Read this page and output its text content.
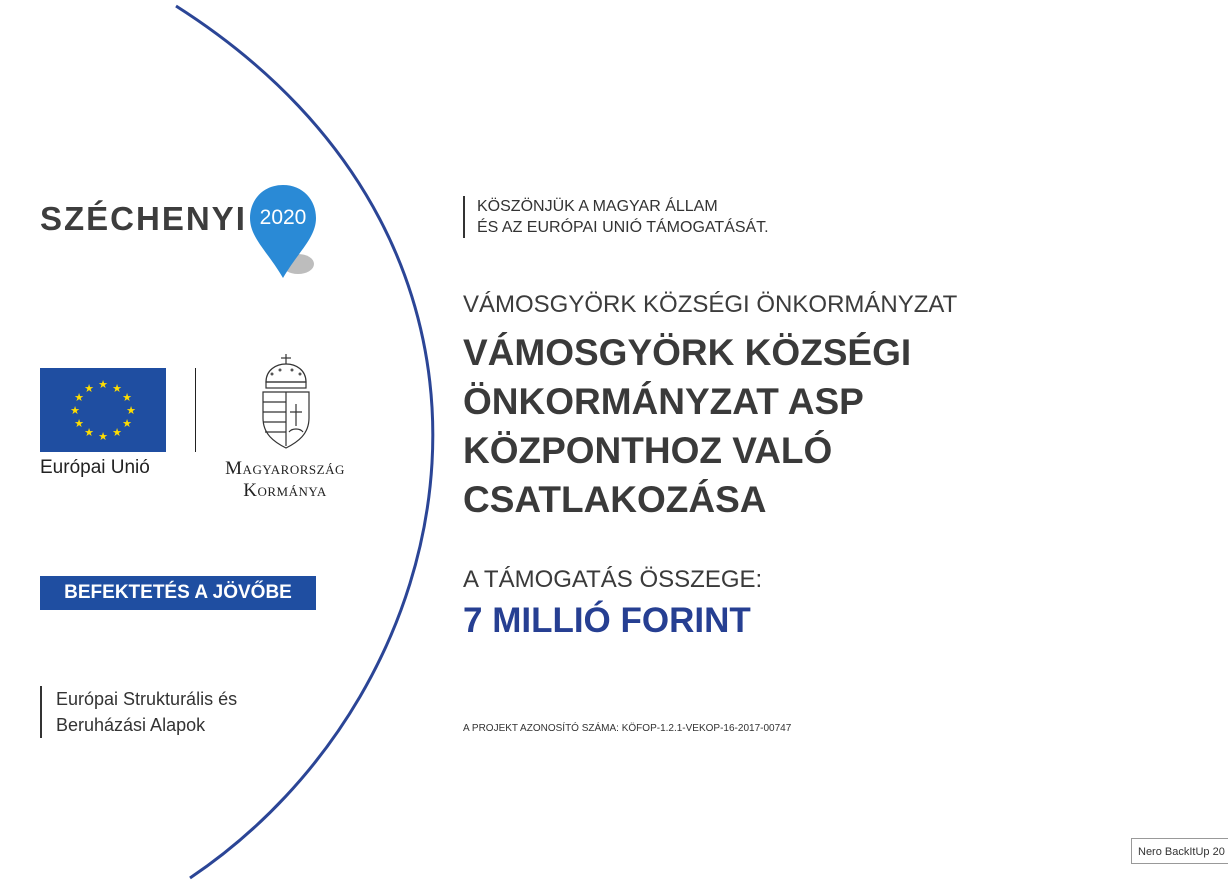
SZÉCHENYI 2020
★ ★
★
★
★
★
★
★
★
★
★
★
Európai Unió	Magyarország
Kormánya
BEFEKTETÉS A JÖVŐBE
Európai Strukturális és
Beruházási Alapok
KÖSZÖNJÜK A MAGYAR ÁLLAM
ÉS AZ EURÓPAI UNIÓ TÁMOGATÁSÁT.
VÁMOSGYÖRK KÖZSÉGI ÖNKORMÁNYZAT
VÁMOSGYÖRK KÖZSÉGI
ÖNKORMÁNYZAT ASP
KÖZPONTHOZ VALÓ
CSATLAKOZÁSA
A TÁMOGATÁS ÖSSZEGE:
7 MILLIÓ FORINT
A PROJEKT AZONOSÍTÓ SZÁMA: KÖFOP-1.2.1-VEKOP-16-2017-00747
Nero BackItUp 20
